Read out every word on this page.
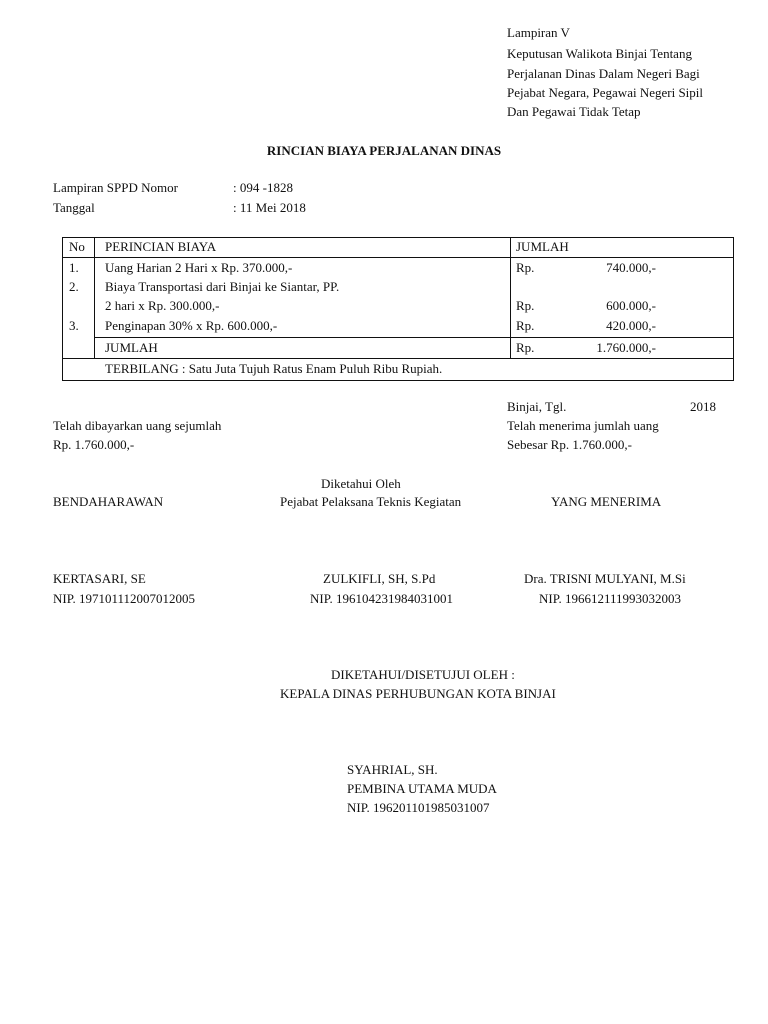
Lampiran V
Keputusan Walikota Binjai Tentang
Perjalanan Dinas Dalam Negeri Bagi
Pejabat Negara, Pegawai Negeri Sipil
Dan Pegawai Tidak Tetap
RINCIAN BIAYA PERJALANAN DINAS
Lampiran SPPD Nomor	: 094 -1828
Tanggal	: 11 Mei 2018
No PERINCIAN BIAYA	JUMLAH
1. Uang Harian 2 Hari x Rp. 370.000,-	Rp.	740.000,-
2. Biaya Transportasi dari Binjai ke Siantar, PP.
2 hari x Rp. 300.000,-	Rp.	600.000,-
3. Penginapan 30% x Rp. 600.000,-	Rp.	420.000,-
JUMLAH	Rp.	1.760.000,-
TERBILANG : Satu Juta Tujuh Ratus Enam Puluh Ribu Rupiah.
Binjai, Tgl.	2018
Telah dibayarkan uang sejumlah
Rp. 1.760.000,-
Telah menerima jumlah uang
Sebesar Rp. 1.760.000,-
Diketahui Oleh
BENDAHARAWAN	Pejabat Pelaksana Teknis Kegiatan	YANG MENERIMA
KERTASARI, SE	ZULKIFLI, SH, S.Pd	Dra. TRISNI MULYANI, M.Si
NIP. 197101112007012005	NIP. 196104231984031001	NIP. 196612111993032003
DIKETAHUI/DISETUJUI OLEH :
KEPALA DINAS PERHUBUNGAN KOTA BINJAI
SYAHRIAL, SH.
PEMBINA UTAMA MUDA
NIP. 196201101985031007
